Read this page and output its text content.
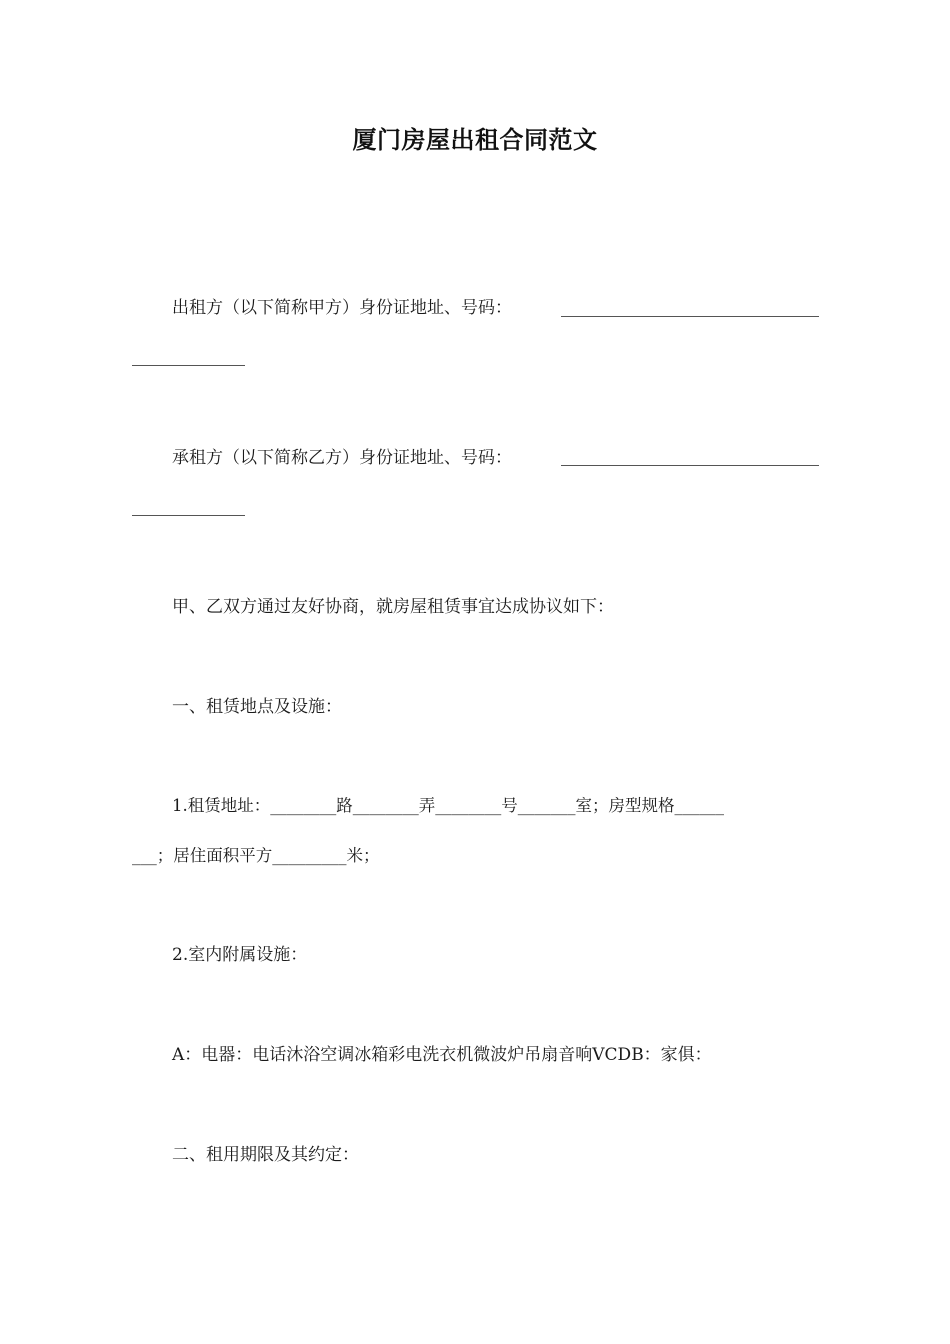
厦门房屋出租合同范文
出租方（以下简称甲方）身份证地址、号码：
承租方（以下简称乙方）身份证地址、号码：
甲、乙双方通过友好协商，就房屋租赁事宜达成协议如下：
一、租赁地点及设施：
1.租赁地址：________路________弄________号_______室；房型规格______
___；居住面积平方_________米；
2.室内附属设施：
A：电器：电话沐浴空调冰箱彩电洗衣机微波炉吊扇音响VCDB：家俱：
二、租用期限及其约定：
